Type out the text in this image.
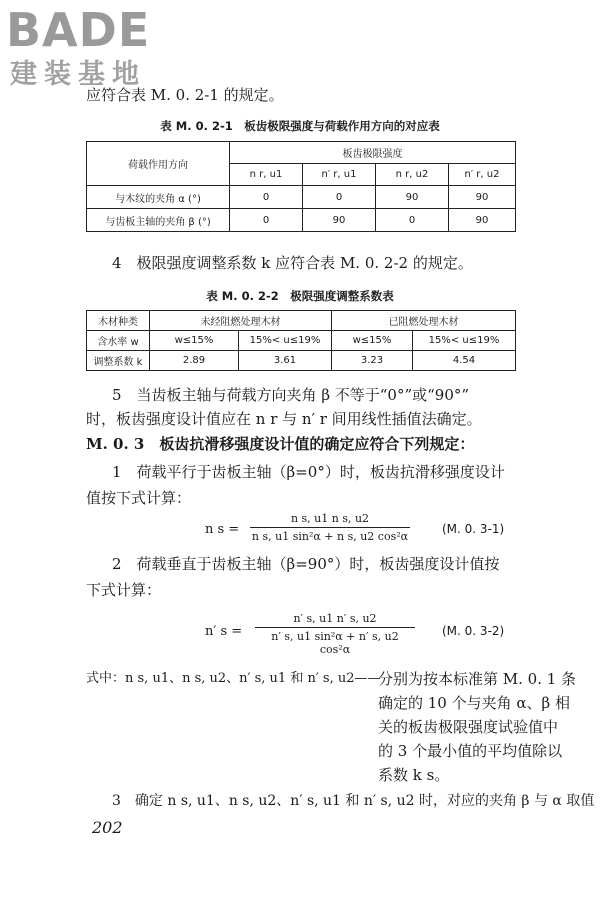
BADE
建装基地
应符合表 M. 0. 2-1 的规定。
表 M. 0. 2-1　板齿极限强度与荷载作用方向的对应表
荷载作用方向	板齿极限强度			
	n r, u1	n′ r, u1	n r, u2	n′ r, u2
与木纹的夹角 α (°)	0	0	90	90
与齿板主轴的夹角 β (°)	0	90	0	90
4　极限强度调整系数 k 应符合表 M. 0. 2-2 的规定。
表 M. 0. 2-2　极限强度调整系数表
木材种类	未经阻燃处理木材		已阻燃处理木材	
含水率 w	w≤15%	15%< u≤19%	w≤15%	15%< u≤19%
调整系数 k	2.89	3.61	3.23	4.54
5　当齿板主轴与荷载方向夹角 β 不等于“0°”或“90°”
时，板齿强度设计值应在 n r 与 n′ r 间用线性插值法确定。
M. 0. 3　板齿抗滑移强度设计值的确定应符合下列规定：
1　荷载平行于齿板主轴（β=0°）时，板齿抗滑移强度设计
值按下式计算：
n $s = \frac{\text{n s, u1 n s, u2}}{\text{n s, u1 sin²α + n s, u2 cos²α}}$	(M. 0. 3-1)
2　荷载垂直于齿板主轴（β=90°）时，板齿强度设计值按
下式计算：
n′ $s = \frac{n' s, u1 n' s, u2}{\text{n′ s, u1 sin²α + n′ s, u2 cos²α}} (M$. 0. 3-2)
式中：n s, u1、n s, u2、n′ s, u1 和 n′ s, u2——
分别为按本标准第 M. 0. 1 条
确定的 10 个与夹角 α、β 相
关的板齿极限强度试验值中
的 3 个最小值的平均值除以
系数 k s。
3　确定 n s, u1、n s, u2、n′ s, u1 和 n′ s, u2 时，对应的夹角 β 与 α 取值
202
